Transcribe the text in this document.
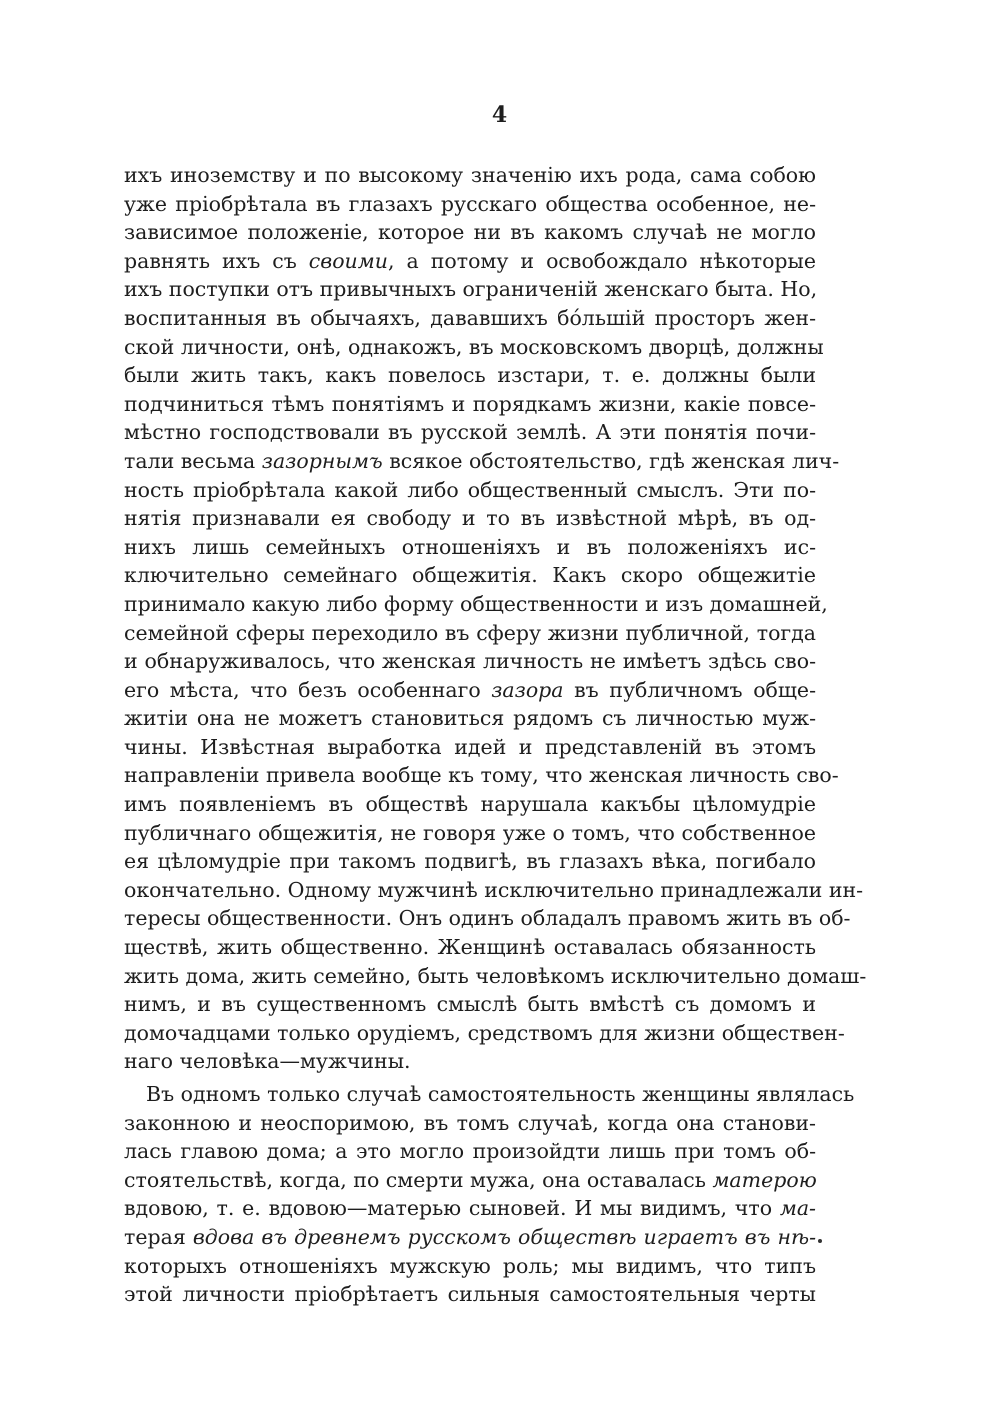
4
ихъ иноземству и по высокому значенію ихъ рода, сама собою
уже пріобрѣтала въ глазахъ русскаго общества особенное, не-
зависимое положеніе, которое ни въ какомъ случаѣ не могло
равнять ихъ съ своими, а потому и освобождало нѣкоторые
ихъ поступки отъ привычныхъ ограниченій женскаго быта. Но,
воспитанныя въ обычаяхъ, дававшихъ бóльшій просторъ жен-
ской личности, онѣ, однакожъ, въ московскомъ дворцѣ, должны
были жить такъ, какъ повелось изстари, т. е. должны были
подчиниться тѣмъ понятіямъ и порядкамъ жизни, какіе повсе-
мѣстно господствовали въ русской землѣ. А эти понятія почи-
тали весьма зазорнымъ всякое обстоятельство, гдѣ женская лич-
ность пріобрѣтала какой либо общественный смыслъ. Эти по-
нятія признавали ея свободу и то въ извѣстной мѣрѣ, въ од-
нихъ лишь семейныхъ отношеніяхъ и въ положеніяхъ ис-
ключительно семейнаго общежитія. Какъ скоро общежитіе
принимало какую либо форму общественности и изъ домашней,
семейной сферы переходило въ сферу жизни публичной, тогда
и обнаруживалось, что женская личность не имѣетъ здѣсь сво-
его мѣста, что безъ особеннаго зазора въ публичномъ обще-
житіи она не можетъ становиться рядомъ съ личностью муж-
чины. Извѣстная выработка идей и представленій въ этомъ
направленіи привела вообще къ тому, что женская личность сво-
имъ появленіемъ въ обществѣ нарушала какъбы цѣломудріе
публичнаго общежитія, не говоря уже о томъ, что собственное
ея цѣломудріе при такомъ подвигѣ, въ глазахъ вѣка, погибало
окончательно. Одному мужчинѣ исключительно принадлежали ин-
тересы общественности. Онъ одинъ обладалъ правомъ жить въ об-
ществѣ, жить общественно. Женщинѣ оставалась обязанность
жить дома, жить семейно, быть человѣкомъ исключительно домаш-
нимъ, и въ существенномъ смыслѣ быть вмѣстѣ съ домомъ и
домочадцами только орудіемъ, средствомъ для жизни обществен-
наго человѣка—мужчины.
Въ одномъ только случаѣ самостоятельность женщины являлась
законною и неоспоримою, въ томъ случаѣ, когда она станови-
лась главою дома; а это могло произойдти лишь при томъ об-
стоятельствѣ, когда, по смерти мужа, она оставалась матерою
вдовою, т. е. вдовою—матерью сыновей. И мы видимъ, что ма-
терая вдова въ древнемъ русскомъ обществѣ играетъ въ нѣ-
которыхъ отношеніяхъ мужскую роль; мы видимъ, что типъ
этой личности пріобрѣтаетъ сильныя самостоятельныя черты
